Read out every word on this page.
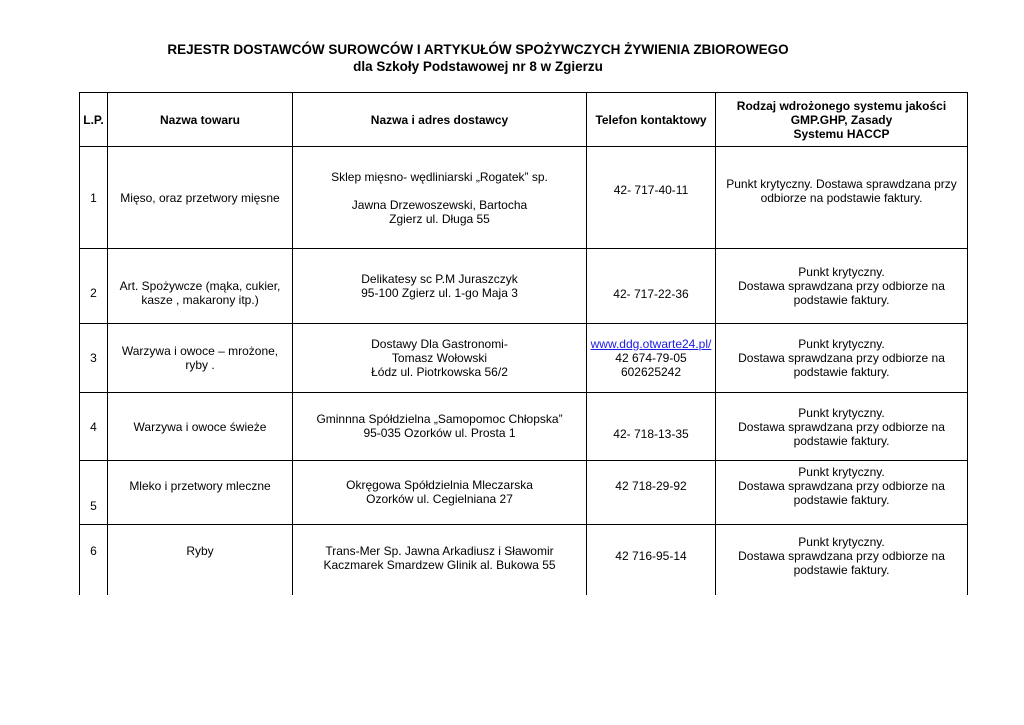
REJESTR DOSTAWCÓW SUROWCÓW I ARTYKUŁÓW SPOŻYWCZYCH ŻYWIENIA ZBIOROWEGO
dla Szkoły Podstawowej nr 8 w Zgierzu
L.P.	Nazwa towaru	Nazwa i adres dostawcy	Telefon kontaktowy	Rodzaj wdrożonego systemu jakości
GMP.GHP, Zasady
Systemu HACCP

1	Mięso, oraz przetwory mięsne	Sklep mięsno- wędliniarski „Rogatek” sp.

Jawna Drzewoszewski, Bartocha
Zgierz ul. Długa 55	42- 717-40-11	Punkt krytyczny. Dostawa sprawdzana przy
odbiorze na podstawie faktury.

2	Art. Spożywcze (mąka, cukier,
kasze , makarony itp.)	Delikatesy sc P.M Juraszczyk
95-100 Zgierz ul. 1-go Maja 3	42- 717-22-36	Punkt krytyczny.
Dostawa sprawdzana przy odbiorze na
podstawie faktury.

3	Warzywa i owoce – mrożone,
ryby .	Dostawy Dla Gastronomi-
Tomasz Wołowski
Łódz ul. Piotrkowska 56/2	www.ddg.otwarte24.pl/
42 674-79-05
602625242	Punkt krytyczny.
Dostawa sprawdzana przy odbiorze na
podstawie faktury.

4	Warzywa i owoce świeże	Gminnna Spółdzielna „Samopomoc Chłopska”
95-035 Ozorków ul. Prosta 1	42- 718-13-35	Punkt krytyczny.
Dostawa sprawdzana przy odbiorze na
podstawie faktury.

5	Mleko i przetwory mleczne	Okręgowa Spółdzielnia Mleczarska
Ozorków ul. Cegielniana 27	42 718-29-92	Punkt krytyczny.
Dostawa sprawdzana przy odbiorze na
podstawie faktury.

6	Ryby	Trans-Mer Sp. Jawna Arkadiusz i Sławomir
Kaczmarek Smardzew Glinik al. Bukowa 55	42 716-95-14	Punkt krytyczny.
Dostawa sprawdzana przy odbiorze na
podstawie faktury.
